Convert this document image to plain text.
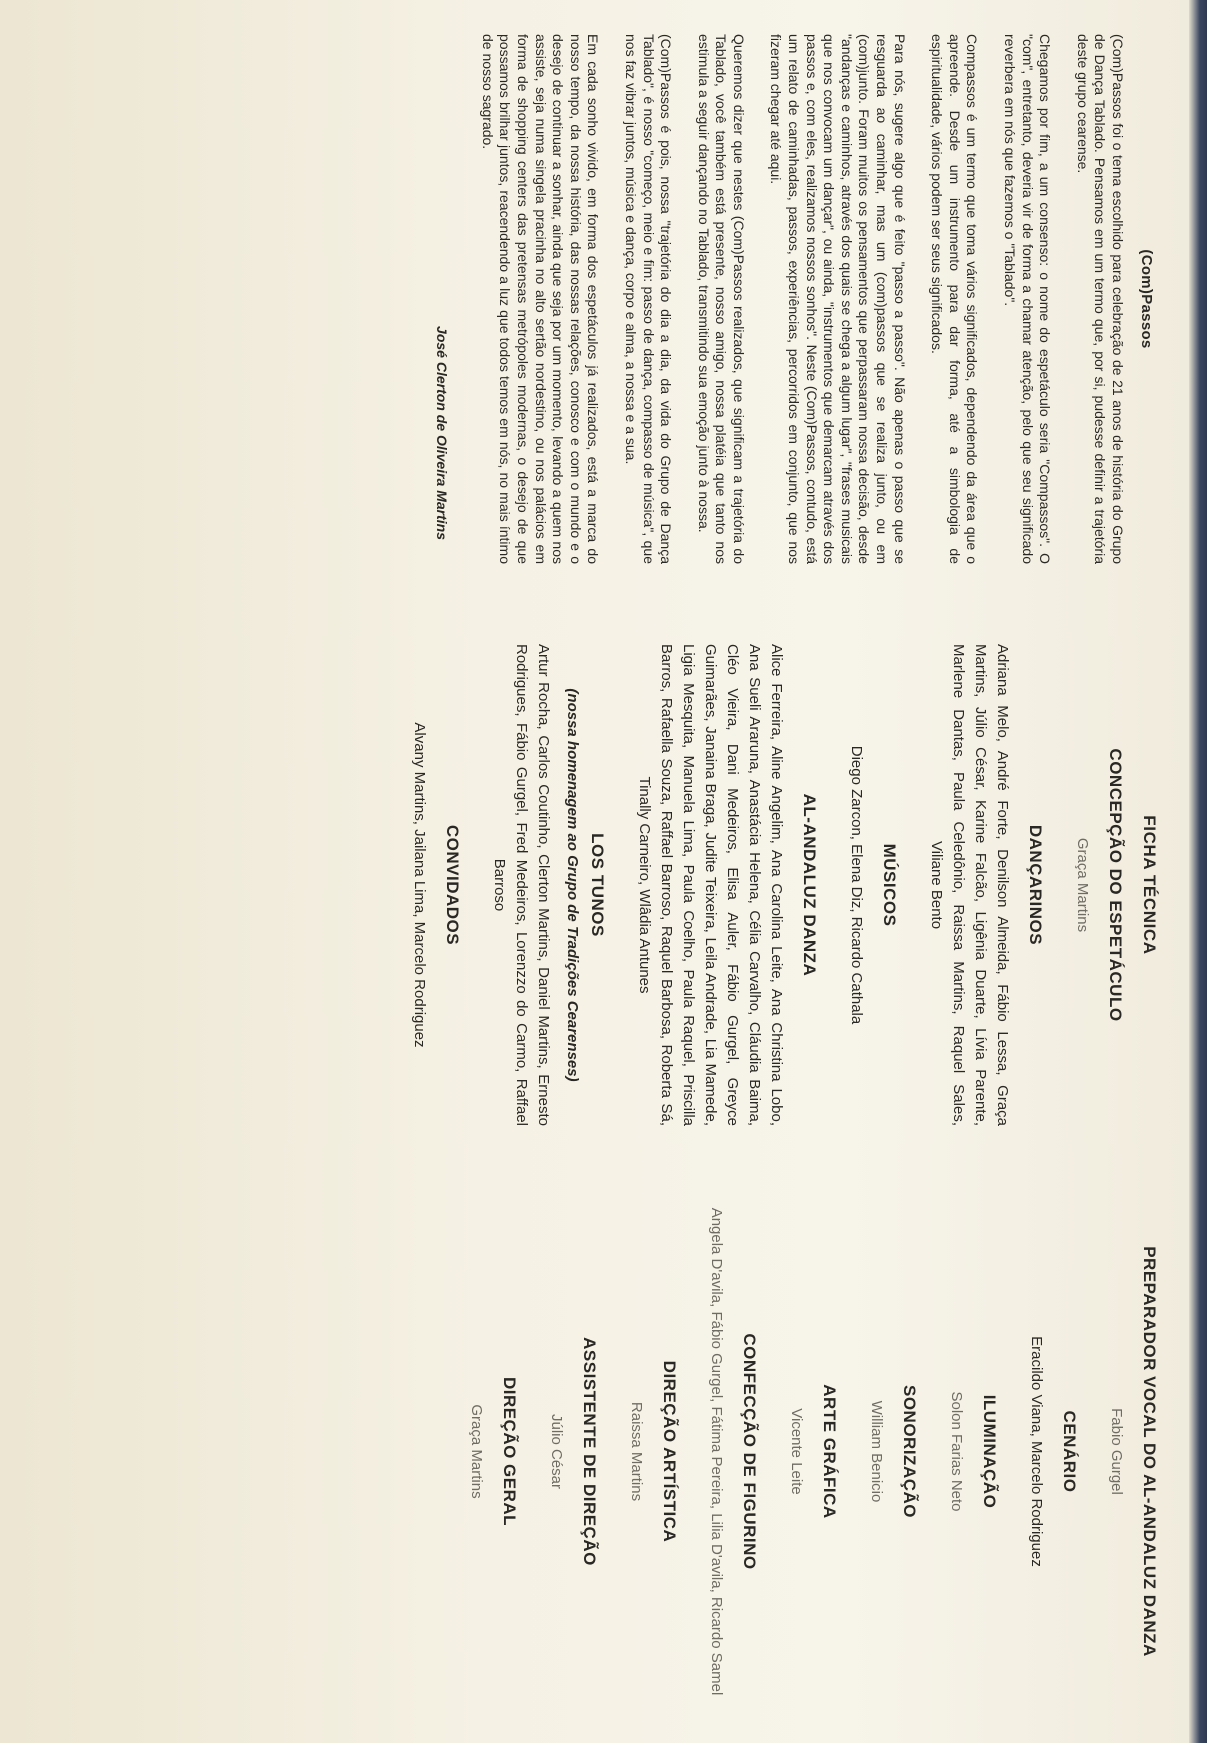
(Com)Passos

(Com)Passos foi o tema escolhido para celebração de 21 anos de história do Grupo de Dança Tablado. Pensamos em um termo que, por si, pudesse definir a trajetória deste grupo cearense.

Chegamos por fim, a um consenso: o nome do espetáculo seria "Compassos". O "com", entretanto, deveria vir de forma a chamar atenção, pelo que seu significado reverbera em nós que fazemos o "Tablado".

Compassos é um termo que toma vários significados, dependendo da área que o apreende. Desde um instrumento para dar forma, até a simbologia de espiritualidade, vários podem ser seus significados.

Para nós, sugere algo que é feito "passo a passo". Não apenas o passo que se resguarda ao caminhar, mas um (com)passos que se realiza junto, ou em (com)junto. Foram muitos os pensamentos que perpassaram nossa decisão, desde "andanças e caminhos, através dos quais se chega a algum lugar", "frases musicais que nos convocam um dançar", ou ainda, "instrumentos que demarcam através dos passos e, com eles, realizamos nossos sonhos". Neste (Com)Passos, contudo, está um relato de caminhadas, passos, experiências, percorridos em conjunto, que nos fizeram chegar até aqui.

Queremos dizer que nestes (Com)Passos realizados, que significam a trajetória do Tablado, você também está presente, nosso amigo, nossa platéia que tanto nos estimula a seguir dançando no Tablado, transmitindo sua emoção junto à nossa.

(Com)Passos é pois, nossa "trajetória do dia a dia, da vida do Grupo de Dança Tablado", é nosso "começo, meio e fim: passo de dança, compasso de música", que nos faz vibrar juntos, música e dança, corpo e alma, a nossa e a sua.

Em cada sonho vivido, em forma dos espetáculos já realizados, está a marca do nosso tempo, da nossa história, das nossas relações, conosco e com o mundo e o desejo de continuar a sonhar, ainda que seja por um momento, levando a quem nos assiste, seja numa singela pracinha no alto sertão nordestino, ou nos palácios em forma de shopping centers das pretensas metrópoles modernas, o desejo de que possamos brilhar juntos, reacendendo a luz que todos temos em nós, no mais íntimo de nosso sagrado.

José Clerton de Oliveira Martins
FICHA TÉCNICA
CONCEPÇÃO DO ESPETÁCULO
Graça Martins
DANÇARINOS
Adriana Melo, André Forte, Denilson Almeida, Fábio Lessa, Graça Martins, Júlio César, Karine Falcão, Ligênia Duarte, Lívia Parente, Marlene Dantas, Paula Celedônio, Raissa Martins, Raquel Sales, Viliane Bento
MÚSICOS
Diego Zarcon, Elena Diz, Ricardo Cathala
AL-ANDALUZ DANZA
Alice Ferreira, Aline Angelim, Ana Carolina Leite, Ana Christina Lobo, Ana Sueli Araruna, Anastácia Helena, Célia Carvalho, Cláudia Baima, Cléo Vieira, Dani Medeiros, Elisa Auler, Fábio Gurgel, Greyce Guimarães, Janaina Braga, Judite Teixeira, Leila Andrade, Lia Mamede, Ligia Mesquita, Manuela Lima, Paula Coelho, Paula Raquel, Priscilla Barros, Rafaella Souza, Raffael Barroso, Raquel Barbosa, Roberta Sá, Tinally Carneiro, Wlâdia Antunes
LOS TUNOS
(nossa homenagem ao Grupo de Tradições Cearenses)
Artur Rocha, Carlos Coutinho, Clerton Martins, Daniel Martins, Ernesto Rodrigues, Fábio Gurgel, Fred Medeiros, Lorenzzo do Carmo, Raffael Barroso
CONVIDADOS
Alvany Martins, Jailana Lima, Marcelo Rodriguez
PREPARADOR VOCAL DO AL-ANDALUZ DANZA
Fabio Gurgel
CENÁRIO
Eracildo Viana, Marcelo Rodriguez
ILUMINAÇÃO
Solon Farias Neto
SONORIZAÇÃO
William Benicio
ARTE GRÁFICA
Vicente Leite
CONFECÇÃO DE FIGURINO
Angela D'avila, Fábio Gurgel, Fátima Pereira, Lilia D'avila, Ricardo Samel
DIREÇÃO ARTÍSTICA
Raissa Martins
ASSISTENTE DE DIREÇÃO
Júlio César
DIREÇÃO GERAL
Graça Martins
